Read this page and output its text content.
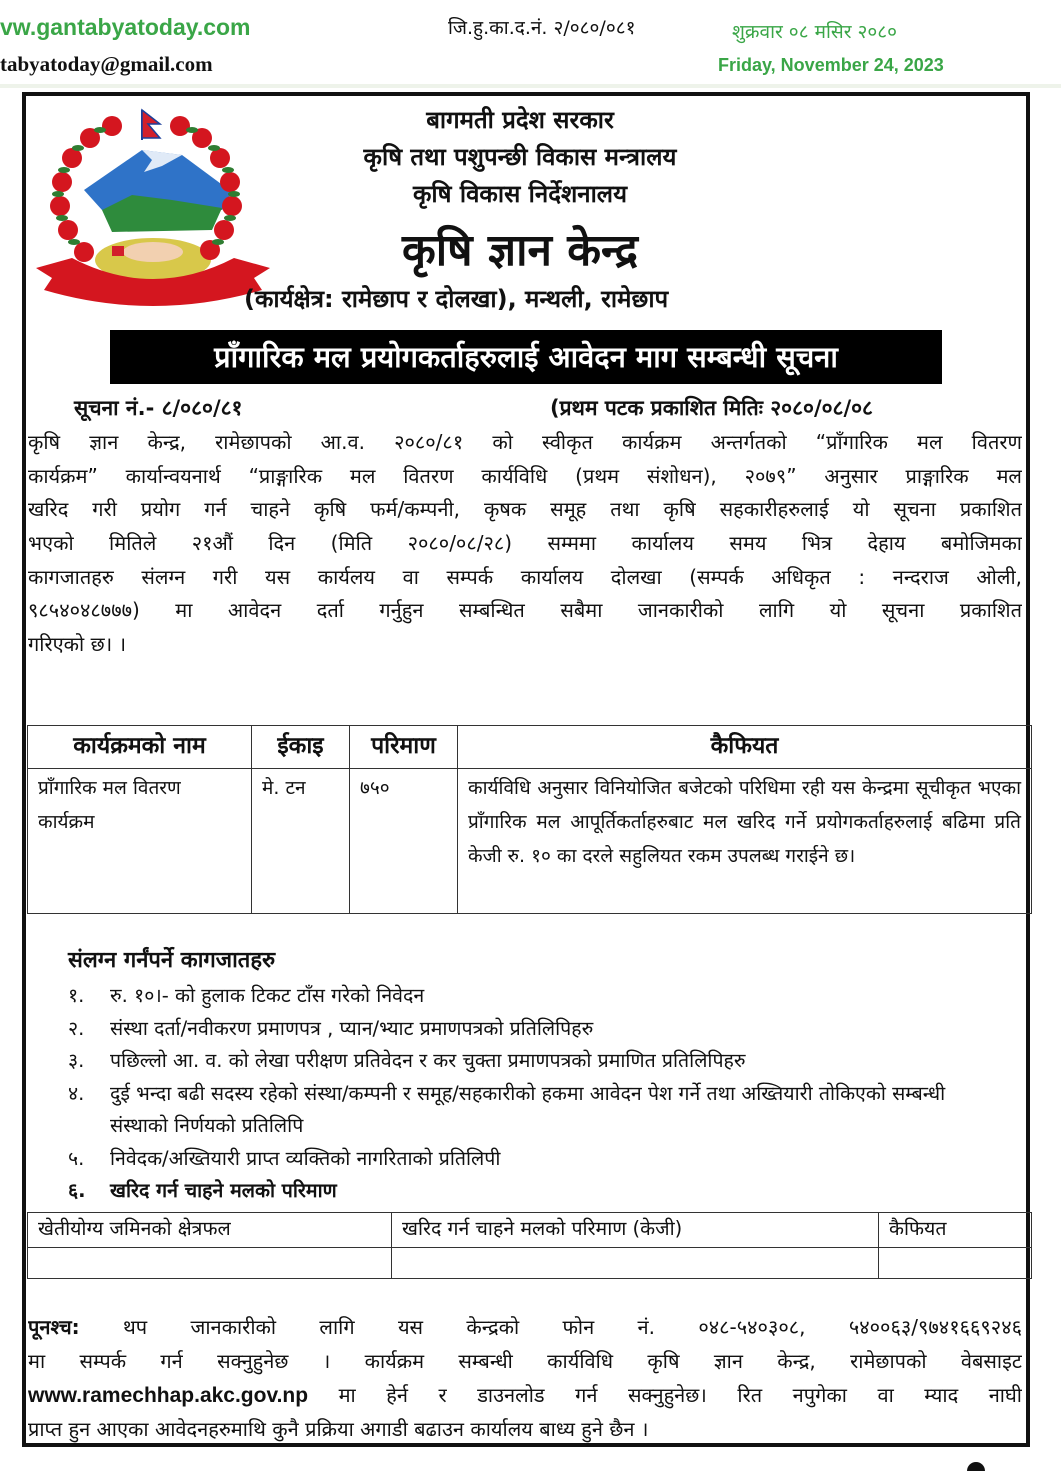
vw.gantabyatoday.com
tabyatoday@gmail.com
जि.हु.का.द.नं. २/०८०/०८१	शुक्रवार ०८ मसिर २०८०
Friday, November 24, 2023
बागमती प्रदेश सरकार
कृषि तथा पशुपन्छी विकास मन्त्रालय
कृषि विकास निर्देशनालय
कृषि ज्ञान केन्द्र
(कार्यक्षेत्र: रामेछाप र दोलखा), मन्थली, रामेछाप
प्राँगारिक मल प्रयोगकर्ताहरुलाई आवेदन माग सम्बन्धी सूचना
सूचना नं.- ८/०८०/८१	(प्रथम पटक प्रकाशित मितिः २०८०/०८/०८
कृषि ज्ञान केन्द्र, रामेछापको आ.व. २०८०/८१ को स्वीकृत कार्यक्रम अन्तर्गतको “प्राँगारिक मल वितरण
कार्यक्रम” कार्यान्वयनार्थ “प्राङ्गारिक मल वितरण कार्यविधि (प्रथम संशोधन), २०७९” अनुसार प्राङ्गारिक मल
खरिद गरी प्रयोग गर्न चाहने कृषि फर्म/कम्पनी, कृषक समूह तथा कृषि सहकारीहरुलाई यो सूचना प्रकाशित
भएको मितिले २१औं दिन (मिति २०८०/०८/२८) सम्ममा कार्यालय समय भित्र देहाय बमोजिमका
कागजातहरु संलग्न गरी यस कार्यलय वा सम्पर्क कार्यालय दोलखा (सम्पर्क अधिकृत : नन्दराज ओली,
९८५४०४८७७७) मा आवेदन दर्ता गर्नुहुन सम्बन्धित सबैमा जानकारीको लागि यो सूचना प्रकाशित
गरिएको छ। ।
कार्यक्रमको नाम	ईकाइ	परिमाण	कैफियत
प्राँगारिक मल वितरण कार्यक्रम	मे. टन	७५०	कार्यविधि अनुसार विनियोजित बजेटको परिधिमा रही यस केन्द्रमा सूचीकृत भएका प्राँगारिक मल आपूर्तिकर्ताहरुबाट मल खरिद गर्ने प्रयोगकर्ताहरुलाई बढिमा प्रति केजी रु. १० का दरले सहुलियत रकम उपलब्ध गराईने छ।
संलग्न गर्नंपर्ने कागजातहरु
१. रु. १०।- को हुलाक टिकट टाँस गरेको निवेदन
२. संस्था दर्ता/नवीकरण प्रमाणपत्र , प्यान/भ्याट प्रमाणपत्रको प्रतिलिपिहरु
३. पछिल्लो आ. व. को लेखा परीक्षण प्रतिवेदन र कर चुक्ता प्रमाणपत्रको प्रमाणित प्रतिलिपिहरु
४. दुई भन्दा बढी सदस्य रहेको संस्था/कम्पनी र समूह/सहकारीको हकमा आवेदन पेश गर्ने तथा अख्तियारी तोकिएको सम्बन्धी संस्थाको निर्णयको प्रतिलिपि
५. निवेदक/अख्तियारी प्राप्त व्यक्तिको नागरिताको प्रतिलिपी
६. खरिद गर्न चाहने मलको परिमाण
खेतीयोग्य जमिनको क्षेत्रफल	खरिद गर्न चाहने मलको परिमाण (केजी)	कैफियत

पूनश्च: थप जानकारीको लागि यस केन्द्रको फोन नं. ०४८-५४०३०८, ५४००६३/९७४१६६९२४६
मा सम्पर्क गर्न सक्नुहुनेछ । कार्यक्रम सम्बन्धी कार्यविधि कृषि ज्ञान केन्द्र, रामेछापको वेबसाइट
www.ramechhap.akc.gov.np मा हेर्न र डाउनलोड गर्न सक्नुहुनेछ। रित नपुगेका वा म्याद नाघी
प्राप्त हुन आएका आवेदनहरुमाथि कुनै प्रक्रिया अगाडी बढाउन कार्यालय बाध्य हुने छैन ।
